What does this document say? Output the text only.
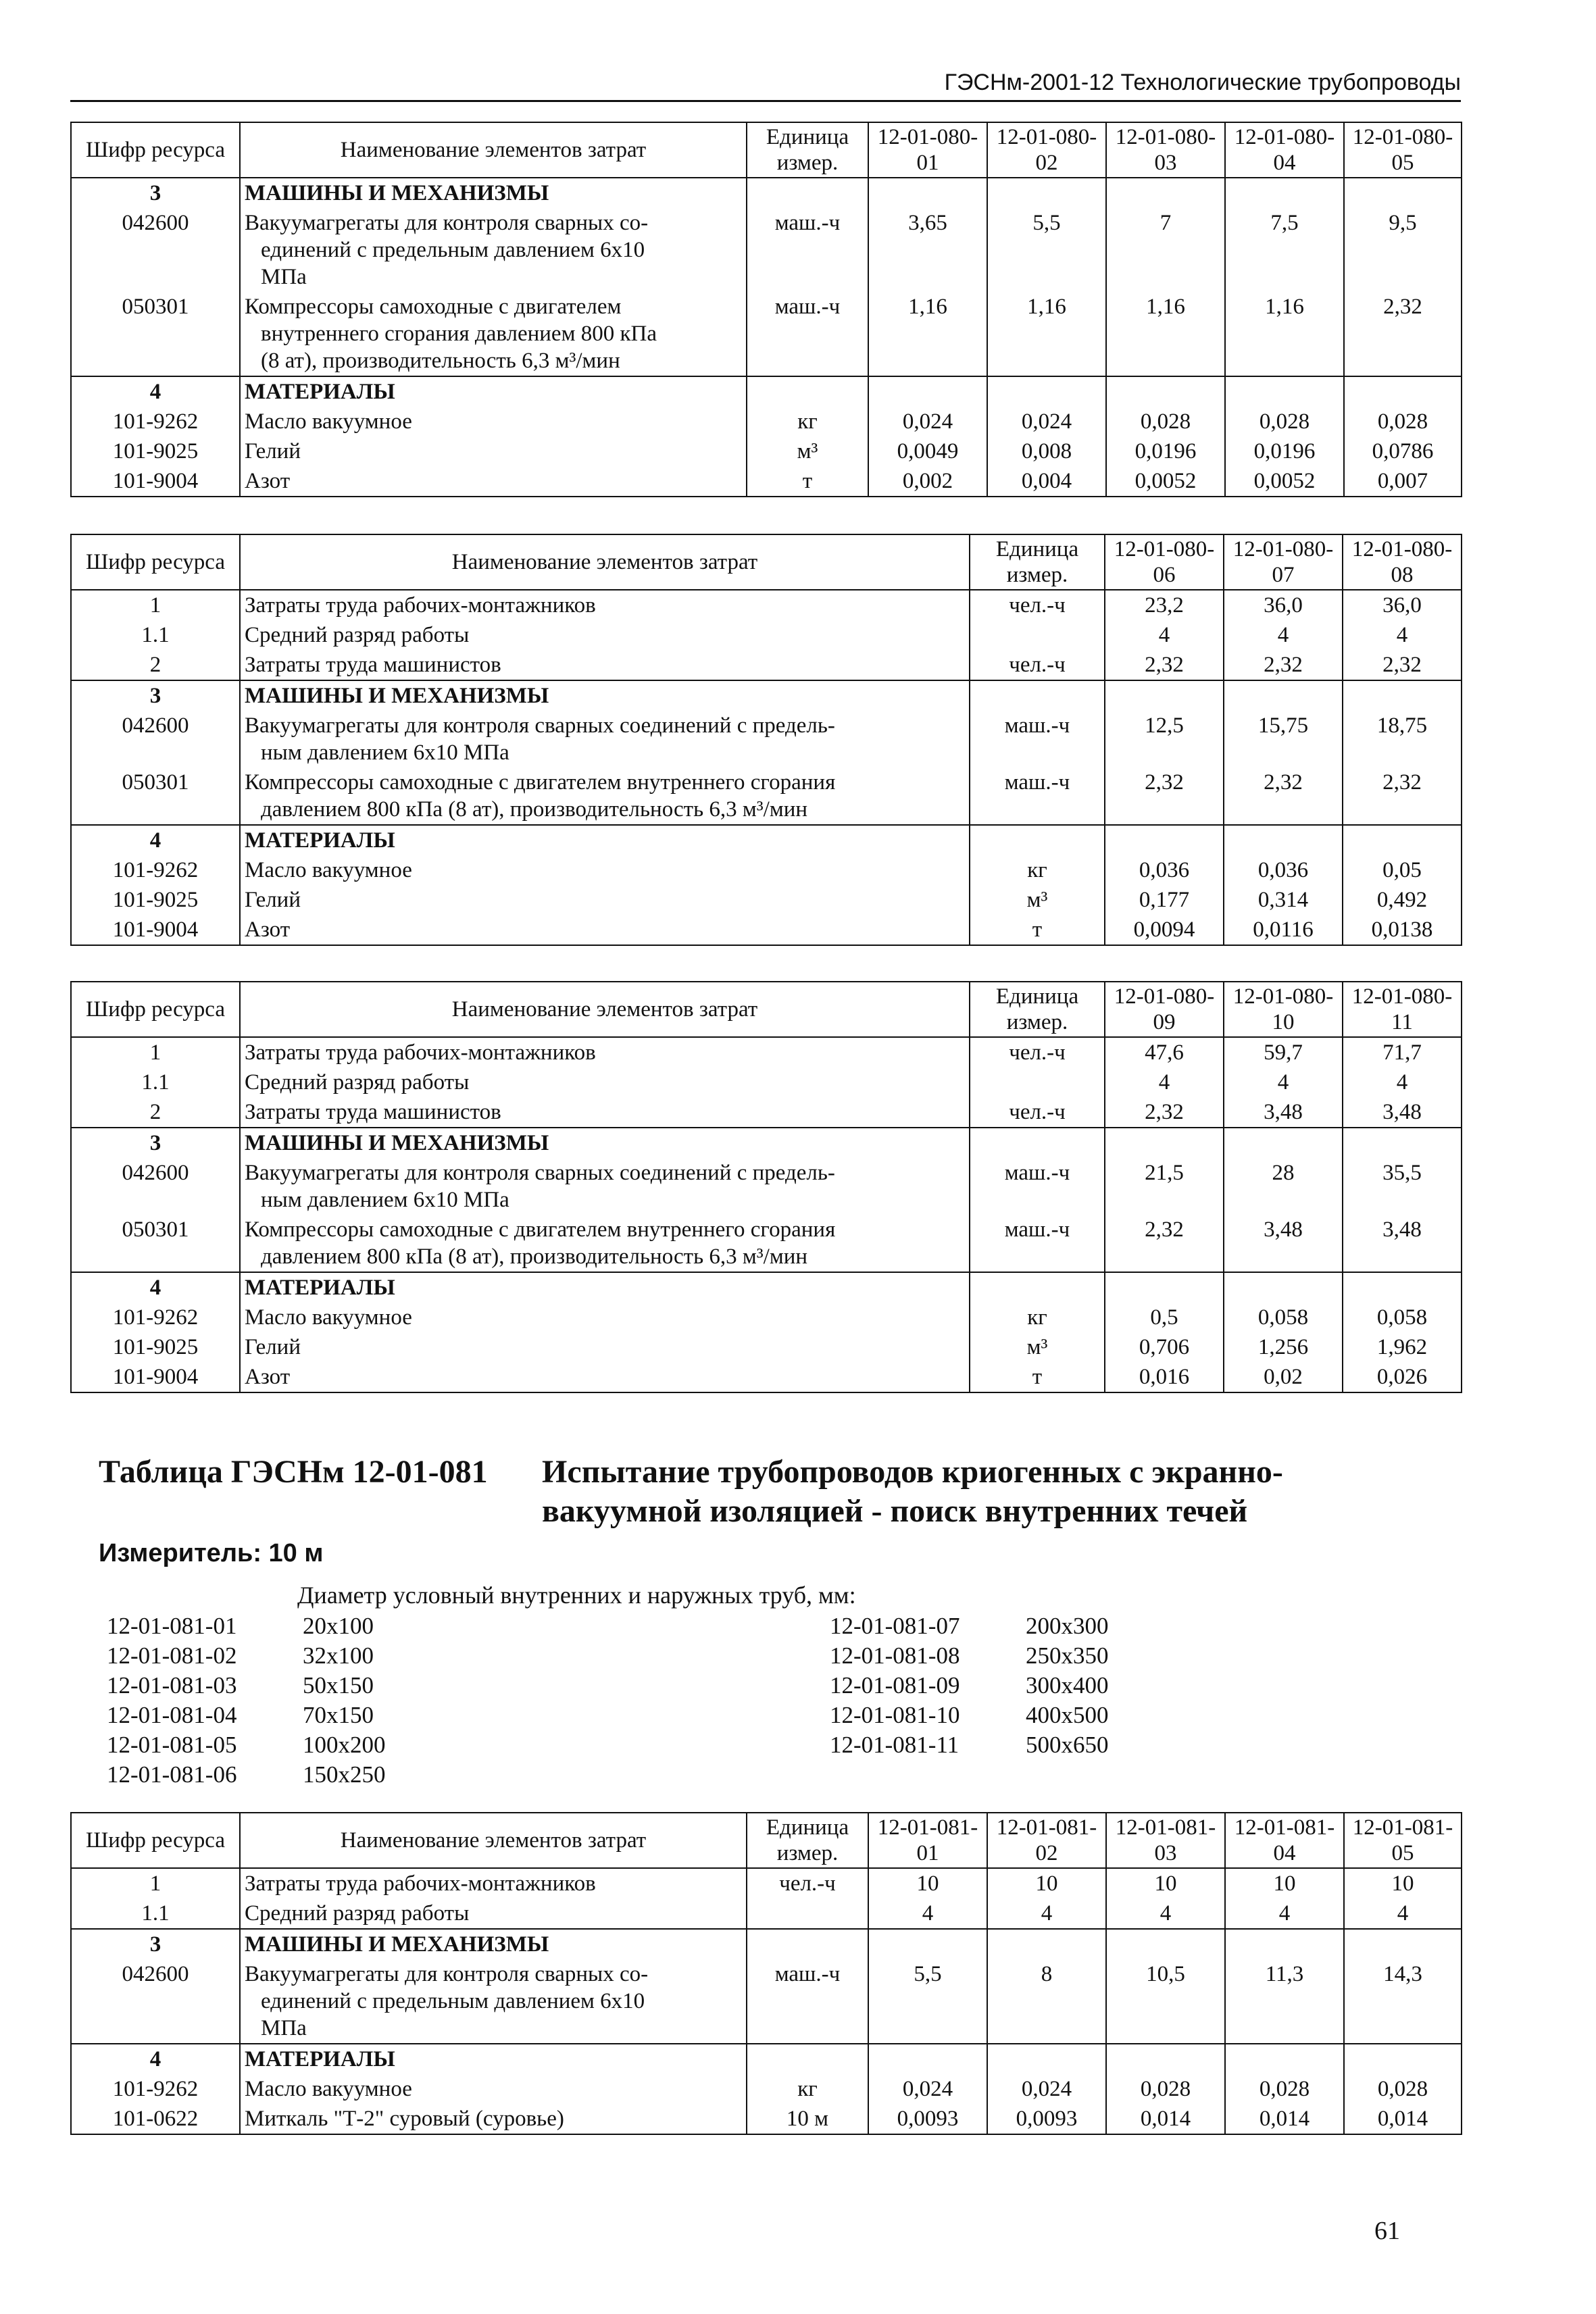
ГЭСНм-2001-12 Технологические трубопроводы
Шифр ресурса	Наименование элементов затрат	Единица измер.	12-01-080-01	12-01-080-02	12-01-080-03	12-01-080-04	12-01-080-05
3	МАШИНЫ И МЕХАНИЗМЫ						
042600	Вакуумагрегаты для контроля сварных со-
единений с предельным давлением 6х10
МПа	маш.-ч	3,65	5,5	7	7,5	9,5
050301	Компрессоры самоходные с двигателем
внутреннего сгорания давлением 800 кПа
(8 ат), производительность 6,3 м³/мин	маш.-ч	1,16	1,16	1,16	1,16	2,32
4	МАТЕРИАЛЫ						
101-9262	Масло вакуумное	кг	0,024	0,024	0,028	0,028	0,028
101-9025	Гелий	м³	0,0049	0,008	0,0196	0,0196	0,0786
101-9004	Азот	т	0,002	0,004	0,0052	0,0052	0,007
Шифр ресурса	Наименование элементов затрат	Единица измер.	12-01-080-06	12-01-080-07	12-01-080-08
1	Затраты труда рабочих-монтажников	чел.-ч	23,2	36,0	36,0
1.1	Средний разряд работы		4	4	4
2	Затраты труда машинистов	чел.-ч	2,32	2,32	2,32
3	МАШИНЫ И МЕХАНИЗМЫ				
042600	Вакуумагрегаты для контроля сварных соединений с предель-
ным давлением 6х10 МПа	маш.-ч	12,5	15,75	18,75
050301	Компрессоры самоходные с двигателем внутреннего сгорания
давлением 800 кПа (8 ат), производительность 6,3 м³/мин	маш.-ч	2,32	2,32	2,32
4	МАТЕРИАЛЫ				
101-9262	Масло вакуумное	кг	0,036	0,036	0,05
101-9025	Гелий	м³	0,177	0,314	0,492
101-9004	Азот	т	0,0094	0,0116	0,0138
Шифр ресурса	Наименование элементов затрат	Единица измер.	12-01-080-09	12-01-080-10	12-01-080-11
1	Затраты труда рабочих-монтажников	чел.-ч	47,6	59,7	71,7
1.1	Средний разряд работы		4	4	4
2	Затраты труда машинистов	чел.-ч	2,32	3,48	3,48
3	МАШИНЫ И МЕХАНИЗМЫ				
042600	Вакуумагрегаты для контроля сварных соединений с предель-
ным давлением 6х10 МПа	маш.-ч	21,5	28	35,5
050301	Компрессоры самоходные с двигателем внутреннего сгорания
давлением 800 кПа (8 ат), производительность 6,3 м³/мин	маш.-ч	2,32	3,48	3,48
4	МАТЕРИАЛЫ				
101-9262	Масло вакуумное	кг	0,5	0,058	0,058
101-9025	Гелий	м³	0,706	1,256	1,962
101-9004	Азот	т	0,016	0,02	0,026
Таблица ГЭСНм 12-01-081 Испытание трубопроводов криогенных с экранно-вакуумной изоляцией - поиск внутренних течей
Измеритель: 10 м
Диаметр условный внутренних и наружных труб, мм:
12-01-081-01	20x100
12-01-081-02	32x100
12-01-081-03	50x150
12-01-081-04	70x150
12-01-081-05	100x200
12-01-081-06	150x250
12-01-081-07	200x300
12-01-081-08	250x350
12-01-081-09	300x400
12-01-081-10	400x500
12-01-081-11	500x650
Шифр ресурса	Наименование элементов затрат	Единица измер.	12-01-081-01	12-01-081-02	12-01-081-03	12-01-081-04	12-01-081-05
1	Затраты труда рабочих-монтажников	чел.-ч	10	10	10	10	10
1.1	Средний разряд работы		4	4	4	4	4
3	МАШИНЫ И МЕХАНИЗМЫ						
042600	Вакуумагрегаты для контроля сварных со-
единений с предельным давлением 6х10
МПа	маш.-ч	5,5	8	10,5	11,3	14,3
4	МАТЕРИАЛЫ						
101-9262	Масло вакуумное	кг	0,024	0,024	0,028	0,028	0,028
101-0622	Миткаль "Т-2" суровый (суровье)	10 м	0,0093	0,0093	0,014	0,014	0,014
61
